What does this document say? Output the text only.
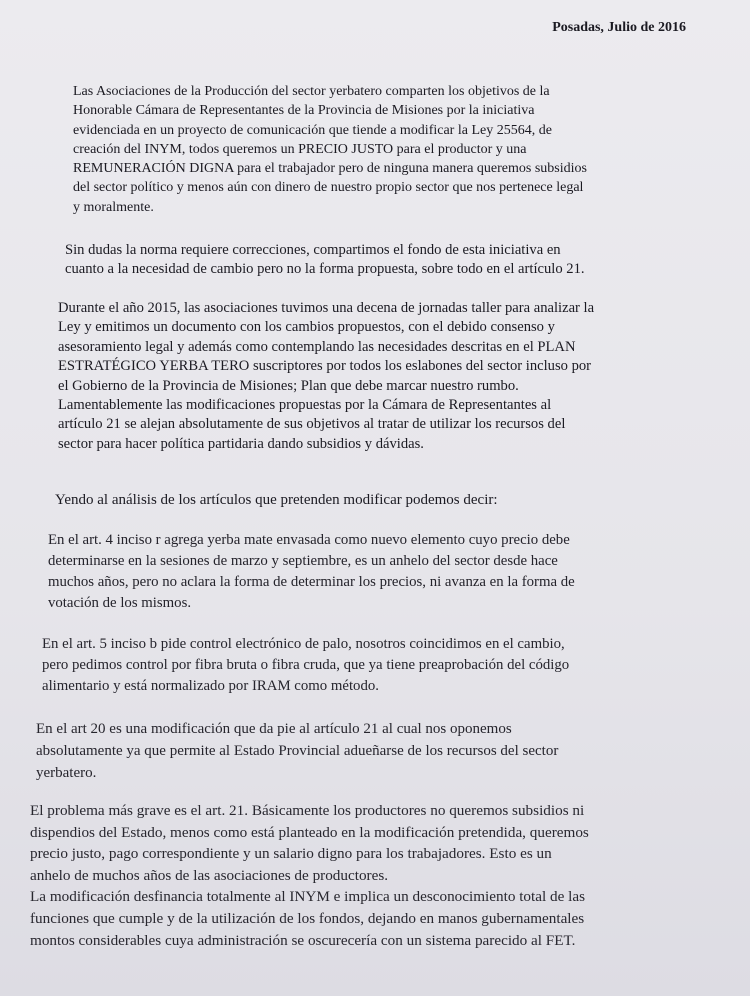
Posadas, Julio de 2016

Las Asociaciones de la Producción del sector yerbatero comparten los objetivos de la
Honorable Cámara de Representantes de la Provincia de Misiones por la iniciativa
evidenciada en un proyecto de comunicación que tiende a modificar la Ley 25564, de
creación del INYM, todos queremos un PRECIO JUSTO para el productor y una
REMUNERACIÓN DIGNA para el trabajador pero de ninguna manera queremos subsidios
del sector político y menos aún con dinero de nuestro propio sector que nos pertenece legal
y moralmente.

Sin dudas la norma requiere correcciones, compartimos el fondo de esta iniciativa en
cuanto a la necesidad de cambio pero no la forma propuesta, sobre todo en el artículo 21.

Durante el año 2015, las asociaciones tuvimos una decena de jornadas taller para analizar la
Ley y emitimos un documento con los cambios propuestos, con el debido consenso y
asesoramiento legal y además como contemplando las necesidades descritas en el PLAN
ESTRATÉGICO YERBA TERO suscriptores por todos los eslabones del sector incluso por
el Gobierno de la Provincia de Misiones; Plan que debe marcar nuestro rumbo.
Lamentablemente las modificaciones propuestas por la Cámara de Representantes al
artículo 21 se alejan absolutamente de sus objetivos al tratar de utilizar los recursos del
sector para hacer política partidaria dando subsidios y dávidas.

Yendo al análisis de los artículos que pretenden modificar podemos decir:

En el art. 4 inciso r agrega yerba mate envasada como nuevo elemento cuyo precio debe
determinarse en la sesiones de marzo y septiembre, es un anhelo del sector desde hace
muchos años, pero no aclara la forma de determinar los precios, ni avanza en la forma de
votación de los mismos.

En el art. 5 inciso b pide control electrónico de palo, nosotros coincidimos en el cambio,
pero pedimos control por fibra bruta o fibra cruda, que ya tiene preaprobación del código
alimentario y está normalizado por IRAM como método.

En el art 20 es una modificación que da pie al artículo 21 al cual nos oponemos
absolutamente ya que permite al Estado Provincial adueñarse de los recursos del sector
yerbatero.

El problema más grave es el art. 21. Básicamente los productores no queremos subsidios ni
dispendios del Estado, menos como está planteado en la modificación pretendida, queremos
precio justo, pago correspondiente y un salario digno para los trabajadores. Esto es un
anhelo de muchos años de las asociaciones de productores.
La modificación desfinancia totalmente al INYM e implica un desconocimiento total de las
funciones que cumple y de la utilización de los fondos, dejando en manos gubernamentales
montos considerables cuya administración se oscurecería con un sistema parecido al FET.
